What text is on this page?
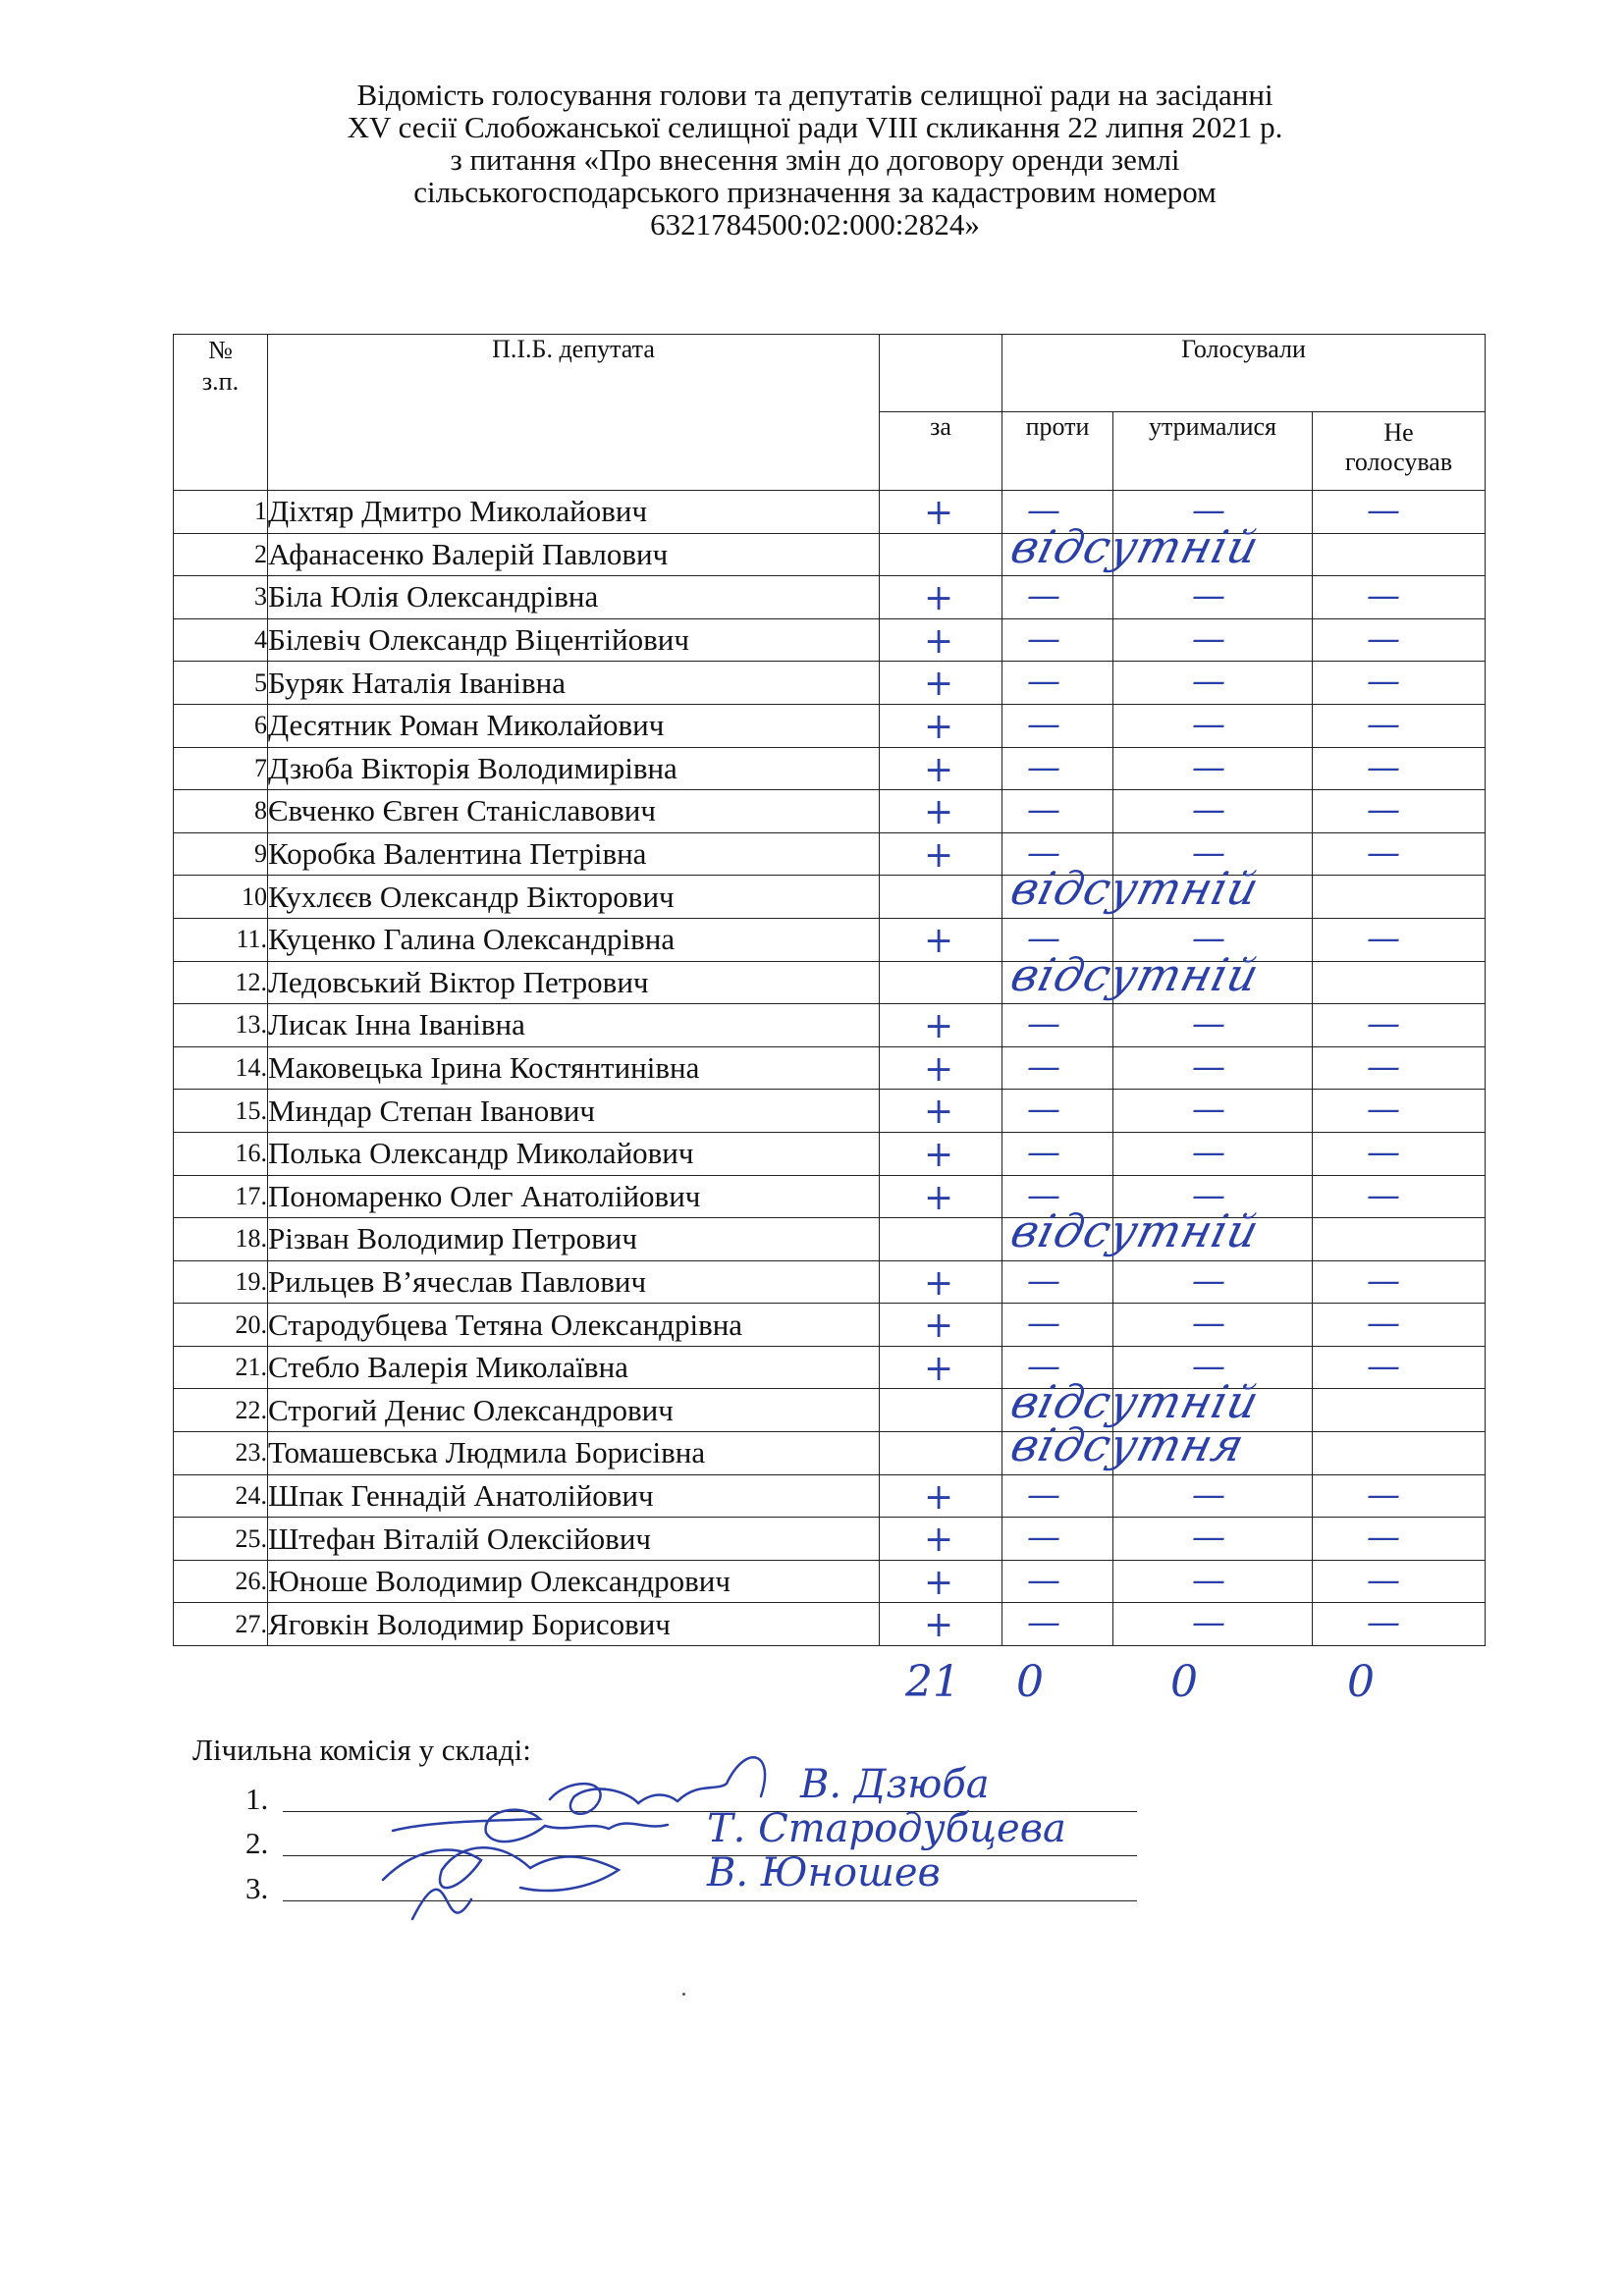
Відомість голосування голови та депутатів селищної ради на засіданні
XV сесії Слобожанської селищної ради VIII скликання 22 липня 2021 р.
з питання «Про внесення змін до договору оренди землі
сільськогосподарського призначення за кадастровим номером
6321784500:02:000:2824»
№
з.п.	П.І.Б. депутата		Голосували		
		за	проти	утрималися	Не
голосував
1	Діхтяр Дмитро Миколайович	+	—	—	—

2	Афанасенко Валерій Павлович		відсутній		

3	Біла Юлія Олександрівна	+	—	—	—

4	Білевіч Олександр Віцентійович	+	—	—	—

5	Буряк Наталія Іванівна	+	—	—	—

6	Десятник Роман Миколайович	+	—	—	—

7	Дзюба Вікторія Володимирівна	+	—	—	—

8	Євченко Євген Станіславович	+	—	—	—

9	Коробка Валентина Петрівна	+	—	—	—

10	Кухлєєв Олександр Вікторович		відсутній		

11.	Куценко Галина Олександрівна	+	—	—	—

12.	Ледовський Віктор Петрович		відсутній		

13.	Лисак Інна Іванівна	+	—	—	—

14.	Маковецька Ірина Костянтинівна	+	—	—	—

15.	Миндар Степан Іванович	+	—	—	—

16.	Полька Олександр Миколайович	+	—	—	—

17.	Пономаренко Олег Анатолійович	+	—	—	—

18.	Різван Володимир Петрович		відсутній		

19.	Рильцев В’ячеслав Павлович	+	—	—	—

20.	Стародубцева Тетяна Олександрівна	+	—	—	—

21.	Стебло Валерія Миколаївна	+	—	—	—

22.	Строгий Денис Олександрович		відсутній		

23.	Томашевська Людмила Борисівна		відсутня		

24.	Шпак Геннадій Анатолійович	+	—	—	—

25.	Штефан Віталій Олексійович	+	—	—	—

26.	Юноше Володимир Олександрович	+	—	—	—

27.	Яговкін Володимир Борисович	+	—	—	—
21 0	0	0
Лічильна комісія у складі:
1.
2.
3.
В. Дзюба
Т. Стародубцева
В. Юношев
